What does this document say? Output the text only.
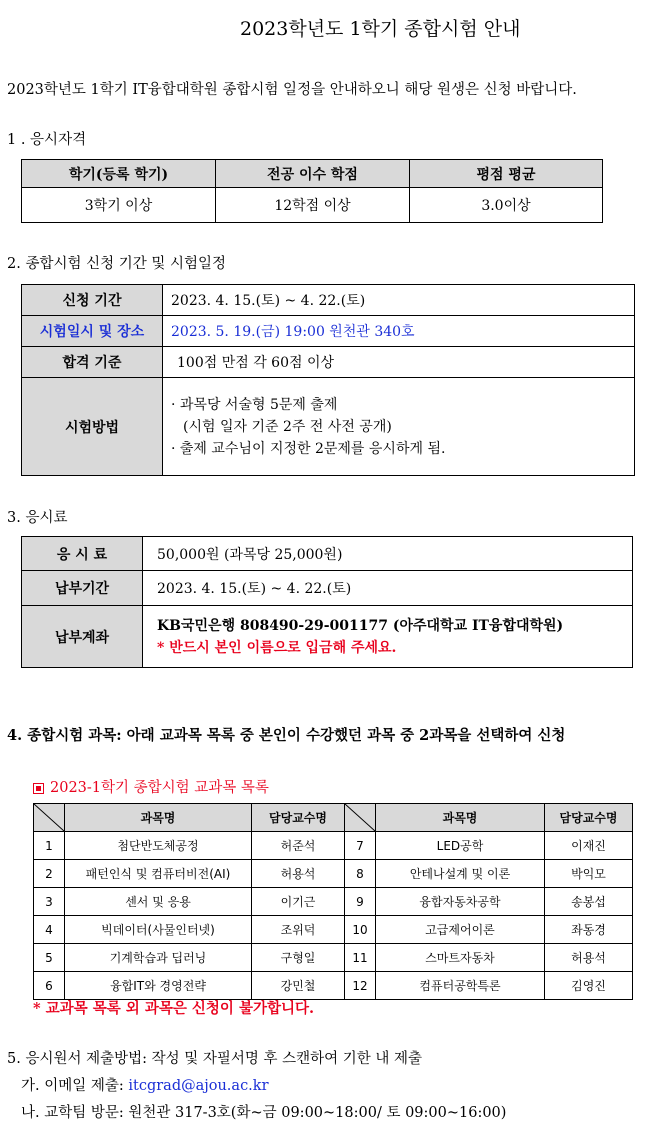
2023학년도 1학기 종합시험 안내
2023학년도 1학기 IT융합대학원 종합시험 일정을 안내하오니 해당 원생은 신청 바랍니다.
1 . 응시자격
학기(등록 학기)	전공 이수 학점	평점 평균
3학기 이상	12학점 이상	3.0이상
2. 종합시험 신청 기간 및 시험일정
신청 기간	2023. 4. 15.(토) ~ 4. 22.(토)
시험일시 및 장소	2023. 5. 19.(금) 19:00 원천관 340호
합격 기준	100점 만점 각 60점 이상
시험방법	· 과목당 서술형 5문제 출제
(시험 일자 기준 2주 전 사전 공개)
· 출제 교수님이 지정한 2문제를 응시하게 됨.
3. 응시료
응 시 료	50,000원 (과목당 25,000원)
납부기간	2023. 4. 15.(토) ~ 4. 22.(토)
납부계좌	KB국민은행 808490-29-001177 (아주대학교 IT융합대학원)
* 반드시 본인 이름으로 입금해 주세요.
4. 종합시험 과목: 아래 교과목 목록 중 본인이 수강했던 과목 중 2과목을 선택하여 신청
2023-1학기 종합시험 교과목 목록
	과목명	담당교수명		과목명	담당교수명
1	첨단반도체공정	허준석	7	LED공학	이재진
2	패턴인식 및 컴퓨터비전(AI)	허용석	8	안테나설계 및 이론	박익모
3	센서 및 응용	이기근	9	융합자동차공학	송봉섭
4	빅데이터(사물인터넷)	조위덕	10	고급제어이론	좌동경
5	기계학습과 딥러닝	구형일	11	스마트자동차	허용석
6	융합IT와 경영전략	강민철	12	컴퓨터공학특론	김영진
* 교과목 목록 외 과목은 신청이 불가합니다.
5. 응시원서 제출방법: 작성 및 자필서명 후 스캔하여 기한 내 제출
가. 이메일 제출: itcgrad@ajou.ac.kr
나. 교학팀 방문: 원천관 317-3호(화~금 09:00~18:00/ 토 09:00~16:00)
